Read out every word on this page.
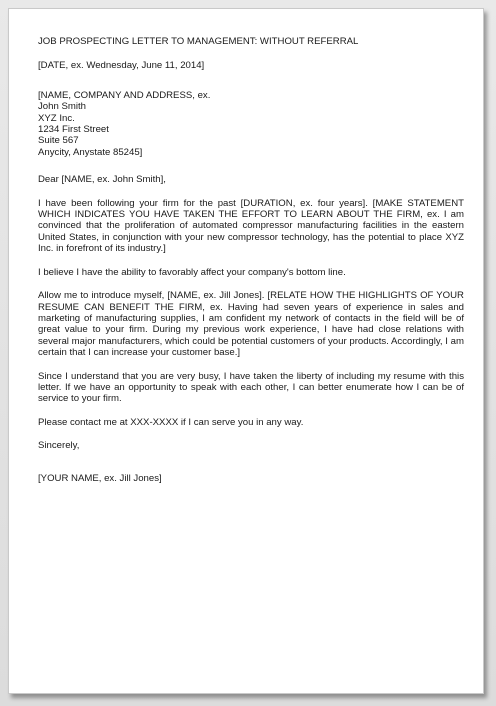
JOB PROSPECTING LETTER TO MANAGEMENT: WITHOUT REFERRAL
[DATE, ex. Wednesday, June 11, 2014]
[NAME, COMPANY AND ADDRESS, ex.
John Smith
XYZ Inc.
1234 First Street
Suite 567
Anycity, Anystate 85245]
Dear [NAME, ex. John Smith],

I have been following your firm for the past [DURATION, ex. four years]. [MAKE STATEMENT WHICH INDICATES YOU HAVE TAKEN THE EFFORT TO LEARN ABOUT THE FIRM, ex. I am convinced that the proliferation of automated compressor manufacturing facilities in the eastern United States, in conjunction with your new compressor technology, has the potential to place XYZ Inc. in forefront of its industry.]

I believe I have the ability to favorably affect your company's bottom line.

Allow me to introduce myself, [NAME, ex. Jill Jones]. [RELATE HOW THE HIGHLIGHTS OF YOUR RESUME CAN BENEFIT THE FIRM, ex. Having had seven years of experience in sales and marketing of manufacturing supplies, I am confident my network of contacts in the field will be of great value to your firm. During my previous work experience, I have had close relations with several major manufacturers, which could be potential customers of your products. Accordingly, I am certain that I can increase your customer base.]

Since I understand that you are very busy, I have taken the liberty of including my resume with this letter. If we have an opportunity to speak with each other, I can better enumerate how I can be of service to your firm.

Please contact me at XXX-XXXX if I can serve you in any way.

Sincerely,
[YOUR NAME, ex. Jill Jones]
